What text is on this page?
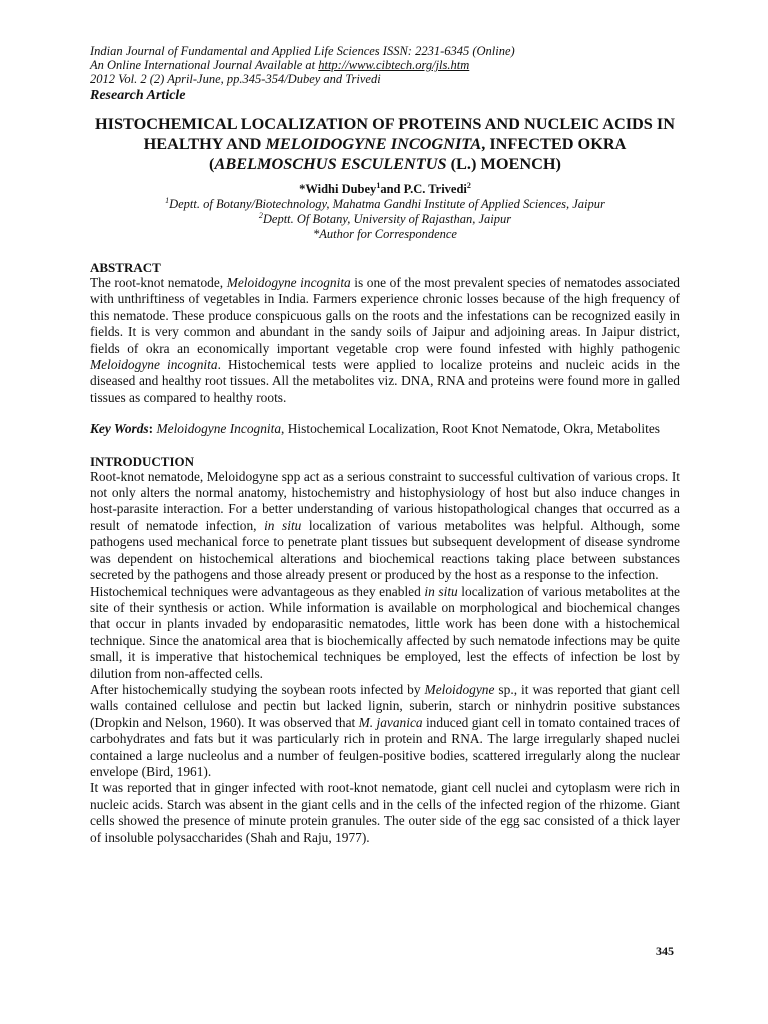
Indian Journal of Fundamental and Applied Life Sciences ISSN: 2231-6345 (Online)
An Online International Journal Available at http://www.cibtech.org/jls.htm
2012 Vol. 2 (2) April-June, pp.345-354/Dubey and Trivedi
Research Article
HISTOCHEMICAL LOCALIZATION OF PROTEINS AND NUCLEIC ACIDS IN HEALTHY AND MELOIDOGYNE INCOGNITA, INFECTED OKRA (ABELMOSCHUS ESCULENTUS (L.) MOENCH)
*Widhi Dubey$^1$and P.C. Trivedi$^2$
$^1$Deptt. of Botany/Biotechnology, Mahatma Gandhi Institute of Applied Sciences, Jaipur
$^2$Deptt. Of Botany, University of Rajasthan, Jaipur
*Author for Correspondence
ABSTRACT

The root-knot nematode, Meloidogyne incognita is one of the most prevalent species of nematodes associated with unthriftiness of vegetables in India. Farmers experience chronic losses because of the high frequency of this nematode. These produce conspicuous galls on the roots and the infestations can be recognized easily in fields. It is very common and abundant in the sandy soils of Jaipur and adjoining areas. In Jaipur district, fields of okra an economically important vegetable crop were found infested with highly pathogenic Meloidogyne incognita. Histochemical tests were applied to localize proteins and nucleic acids in the diseased and healthy root tissues. All the metabolites viz. DNA, RNA and proteins were found more in galled tissues as compared to healthy roots.

Key Words: Meloidogyne Incognita, Histochemical Localization, Root Knot Nematode, Okra, Metabolites

INTRODUCTION

Root-knot nematode, Meloidogyne spp act as a serious constraint to successful cultivation of various crops. It not only alters the normal anatomy, histochemistry and histophysiology of host but also induce changes in host-parasite interaction. For a better understanding of various histopathological changes that occurred as a result of nematode infection, in situ localization of various metabolites was helpful. Although, some pathogens used mechanical force to penetrate plant tissues but subsequent development of disease syndrome was dependent on histochemical alterations and biochemical reactions taking place between substances secreted by the pathogens and those already present or produced by the host as a response to the infection.

Histochemical techniques were advantageous as they enabled in situ localization of various metabolites at the site of their synthesis or action. While information is available on morphological and biochemical changes that occur in plants invaded by endoparasitic nematodes, little work has been done with a histochemical technique. Since the anatomical area that is biochemically affected by such nematode infections may be quite small, it is imperative that histochemical techniques be employed, lest the effects of infection be lost by dilution from non-affected cells.

After histochemically studying the soybean roots infected by Meloidogyne sp., it was reported that giant cell walls contained cellulose and pectin but lacked lignin, suberin, starch or ninhydrin positive substances (Dropkin and Nelson, 1960). It was observed that M. javanica induced giant cell in tomato contained traces of carbohydrates and fats but it was particularly rich in protein and RNA. The large irregularly shaped nuclei contained a large nucleolus and a number of feulgen-positive bodies, scattered irregularly along the nuclear envelope (Bird, 1961).

It was reported that in ginger infected with root-knot nematode, giant cell nuclei and cytoplasm were rich in nucleic acids. Starch was absent in the giant cells and in the cells of the infected region of the rhizome. Giant cells showed the presence of minute protein granules. The outer side of the egg sac consisted of a thick layer of insoluble polysaccharides (Shah and Raju, 1977).

345
